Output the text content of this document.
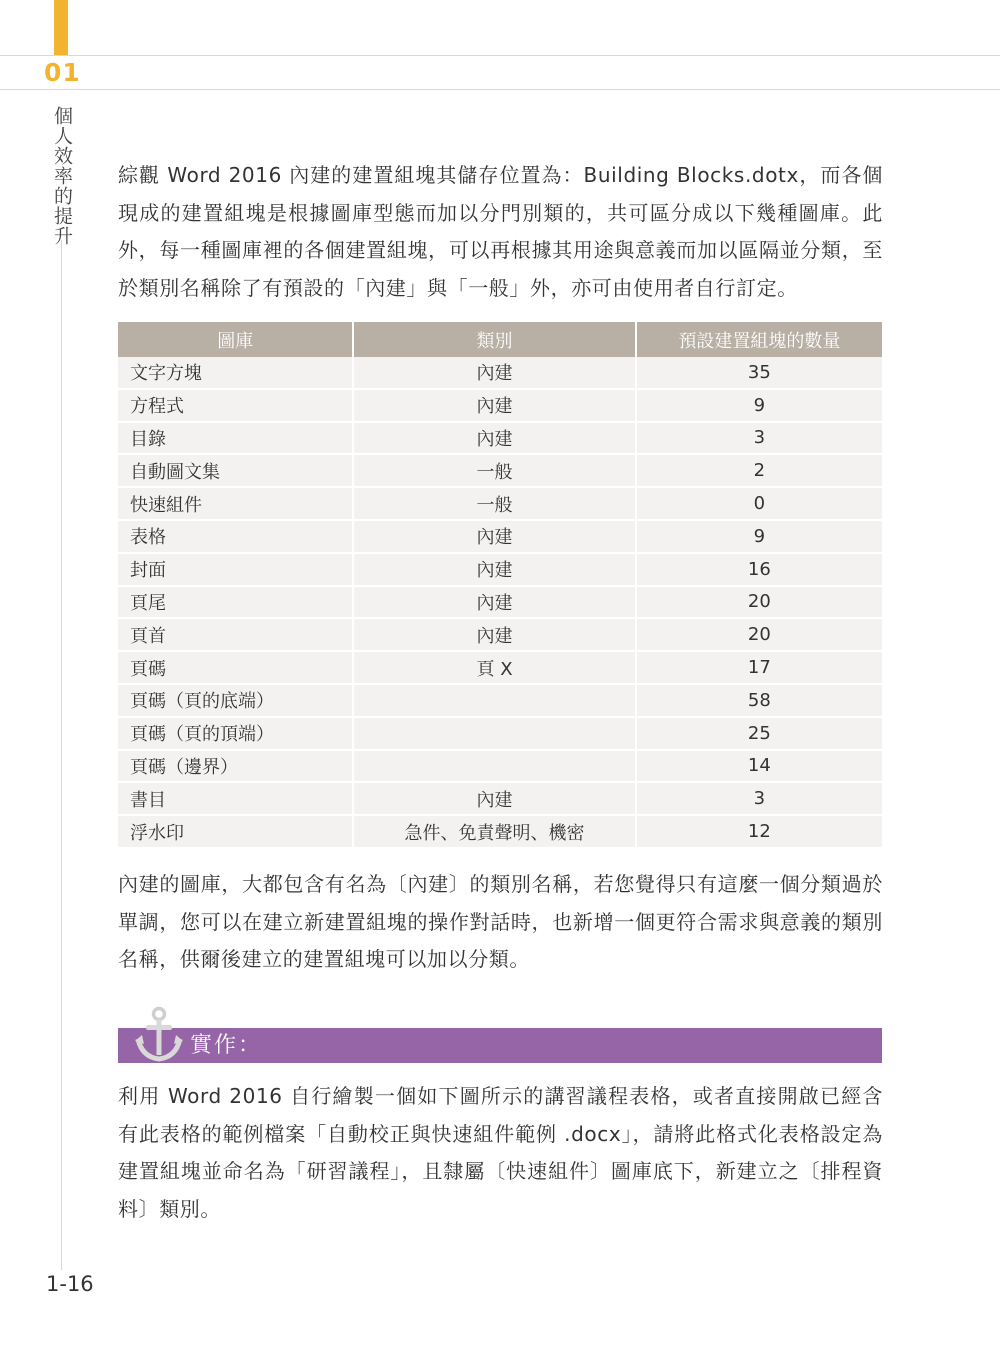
01
個人效率的提升 綜觀 Word 2016 內建的建置組塊其儲存位置為：Building Blocks.dotx，而各個現成的建置組塊是根據圖庫型態而加以分門別類的，共可區分成以下幾種圖庫。此外，每一種圖庫裡的各個建置組塊，可以再根據其用途與意義而加以區隔並分類，至於類別名稱除了有預設的「內建」與「一般」外，亦可由使用者自行訂定。

圖庫	類別	預設建置組塊的數量
文字方塊	內建	35
方程式	內建	9
目錄	內建	3
自動圖文集	一般	2
快速組件	一般	0
表格	內建	9
封面	內建	16
頁尾	內建	20
頁首	內建	20
頁碼	頁 X	17
頁碼（頁的底端）		58
頁碼（頁的頂端）		25
頁碼（邊界）		14
書目	內建	3
浮水印	急件、免責聲明、機密	12

內建的圖庫，大都包含有名為〔內建〕的類別名稱，若您覺得只有這麼一個分類過於單調，您可以在建立新建置組塊的操作對話時，也新增一個更符合需求與意義的類別名稱，供爾後建立的建置組塊可以加以分類。

實作：

利用 Word 2016 自行繪製一個如下圖所示的講習議程表格，或者直接開啟已經含有此表格的範例檔案「自動校正與快速組件範例 .docx」，請將此格式化表格設定為建置組塊並命名為「研習議程」，且隸屬〔快速組件〕圖庫底下，新建立之〔排程資料〕類別。

1-16
